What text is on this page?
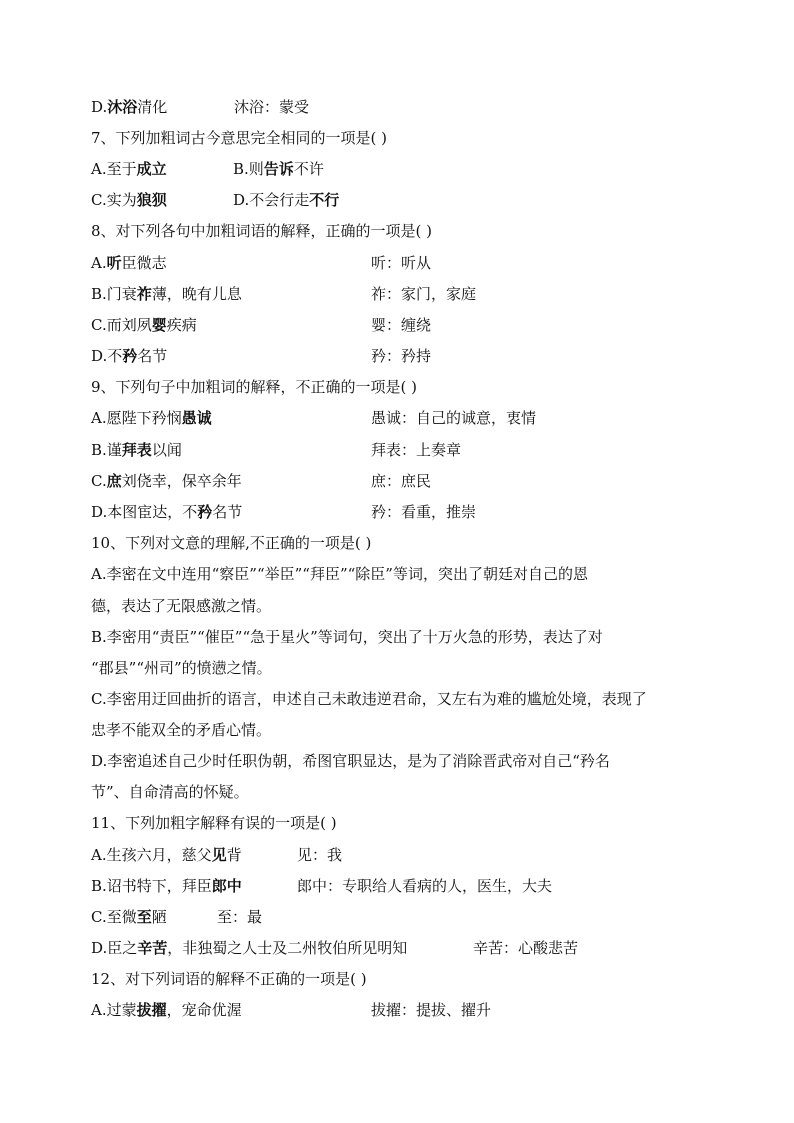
D.沐浴清化	沐浴：蒙受
7、下列加粗词古今意思完全相同的一项是( )
A.至于成立	B.则告诉不许
C.实为狼狈	D.不会行走不行
8、对下列各句中加粗词语的解释，正确的一项是( )
A.听臣微志	听：听从
B.门衰祚薄，晚有儿息	祚：家门，家庭
C.而刘夙婴疾病	婴：缠绕
D.不矜名节	矜：矜持
9、下列句子中加粗词的解释，不正确的一项是( )
A.愿陛下矜悯愚诚	愚诚：自己的诚意，衷情
B.谨拜表以闻	拜表：上奏章
C.庶刘侥幸，保卒余年	庶：庶民
D.本图宦达，不矜名节	矜：看重，推崇
10、下列对文意的理解,不正确的一项是( )
A.李密在文中连用“察臣”“举臣”“拜臣”“除臣”等词，突出了朝廷对自己的恩
德，表达了无限感激之情。
B.李密用“责臣”“催臣”“急于星火”等词句，突出了十万火急的形势，表达了对
“郡县”“州司”的愤懑之情。
C.李密用迂回曲折的语言，申述自己未敢违逆君命，又左右为难的尴尬处境，表现了
忠孝不能双全的矛盾心情。
D.李密追述自己少时任职伪朝，希图官职显达，是为了消除晋武帝对自己“矜名
节”、自命清高的怀疑。
11、下列加粗字解释有误的一项是( )
A.生孩六月，慈父见背	见：我
B.诏书特下，拜臣郎中	郎中：专职给人看病的人，医生，大夫
C.至微至陋	至：最
D.臣之辛苦，非独蜀之人士及二州牧伯所见明知	辛苦：心酸悲苦
12、对下列词语的解释不正确的一项是( )
A.过蒙拔擢，宠命优渥	拔擢：提拔、擢升
